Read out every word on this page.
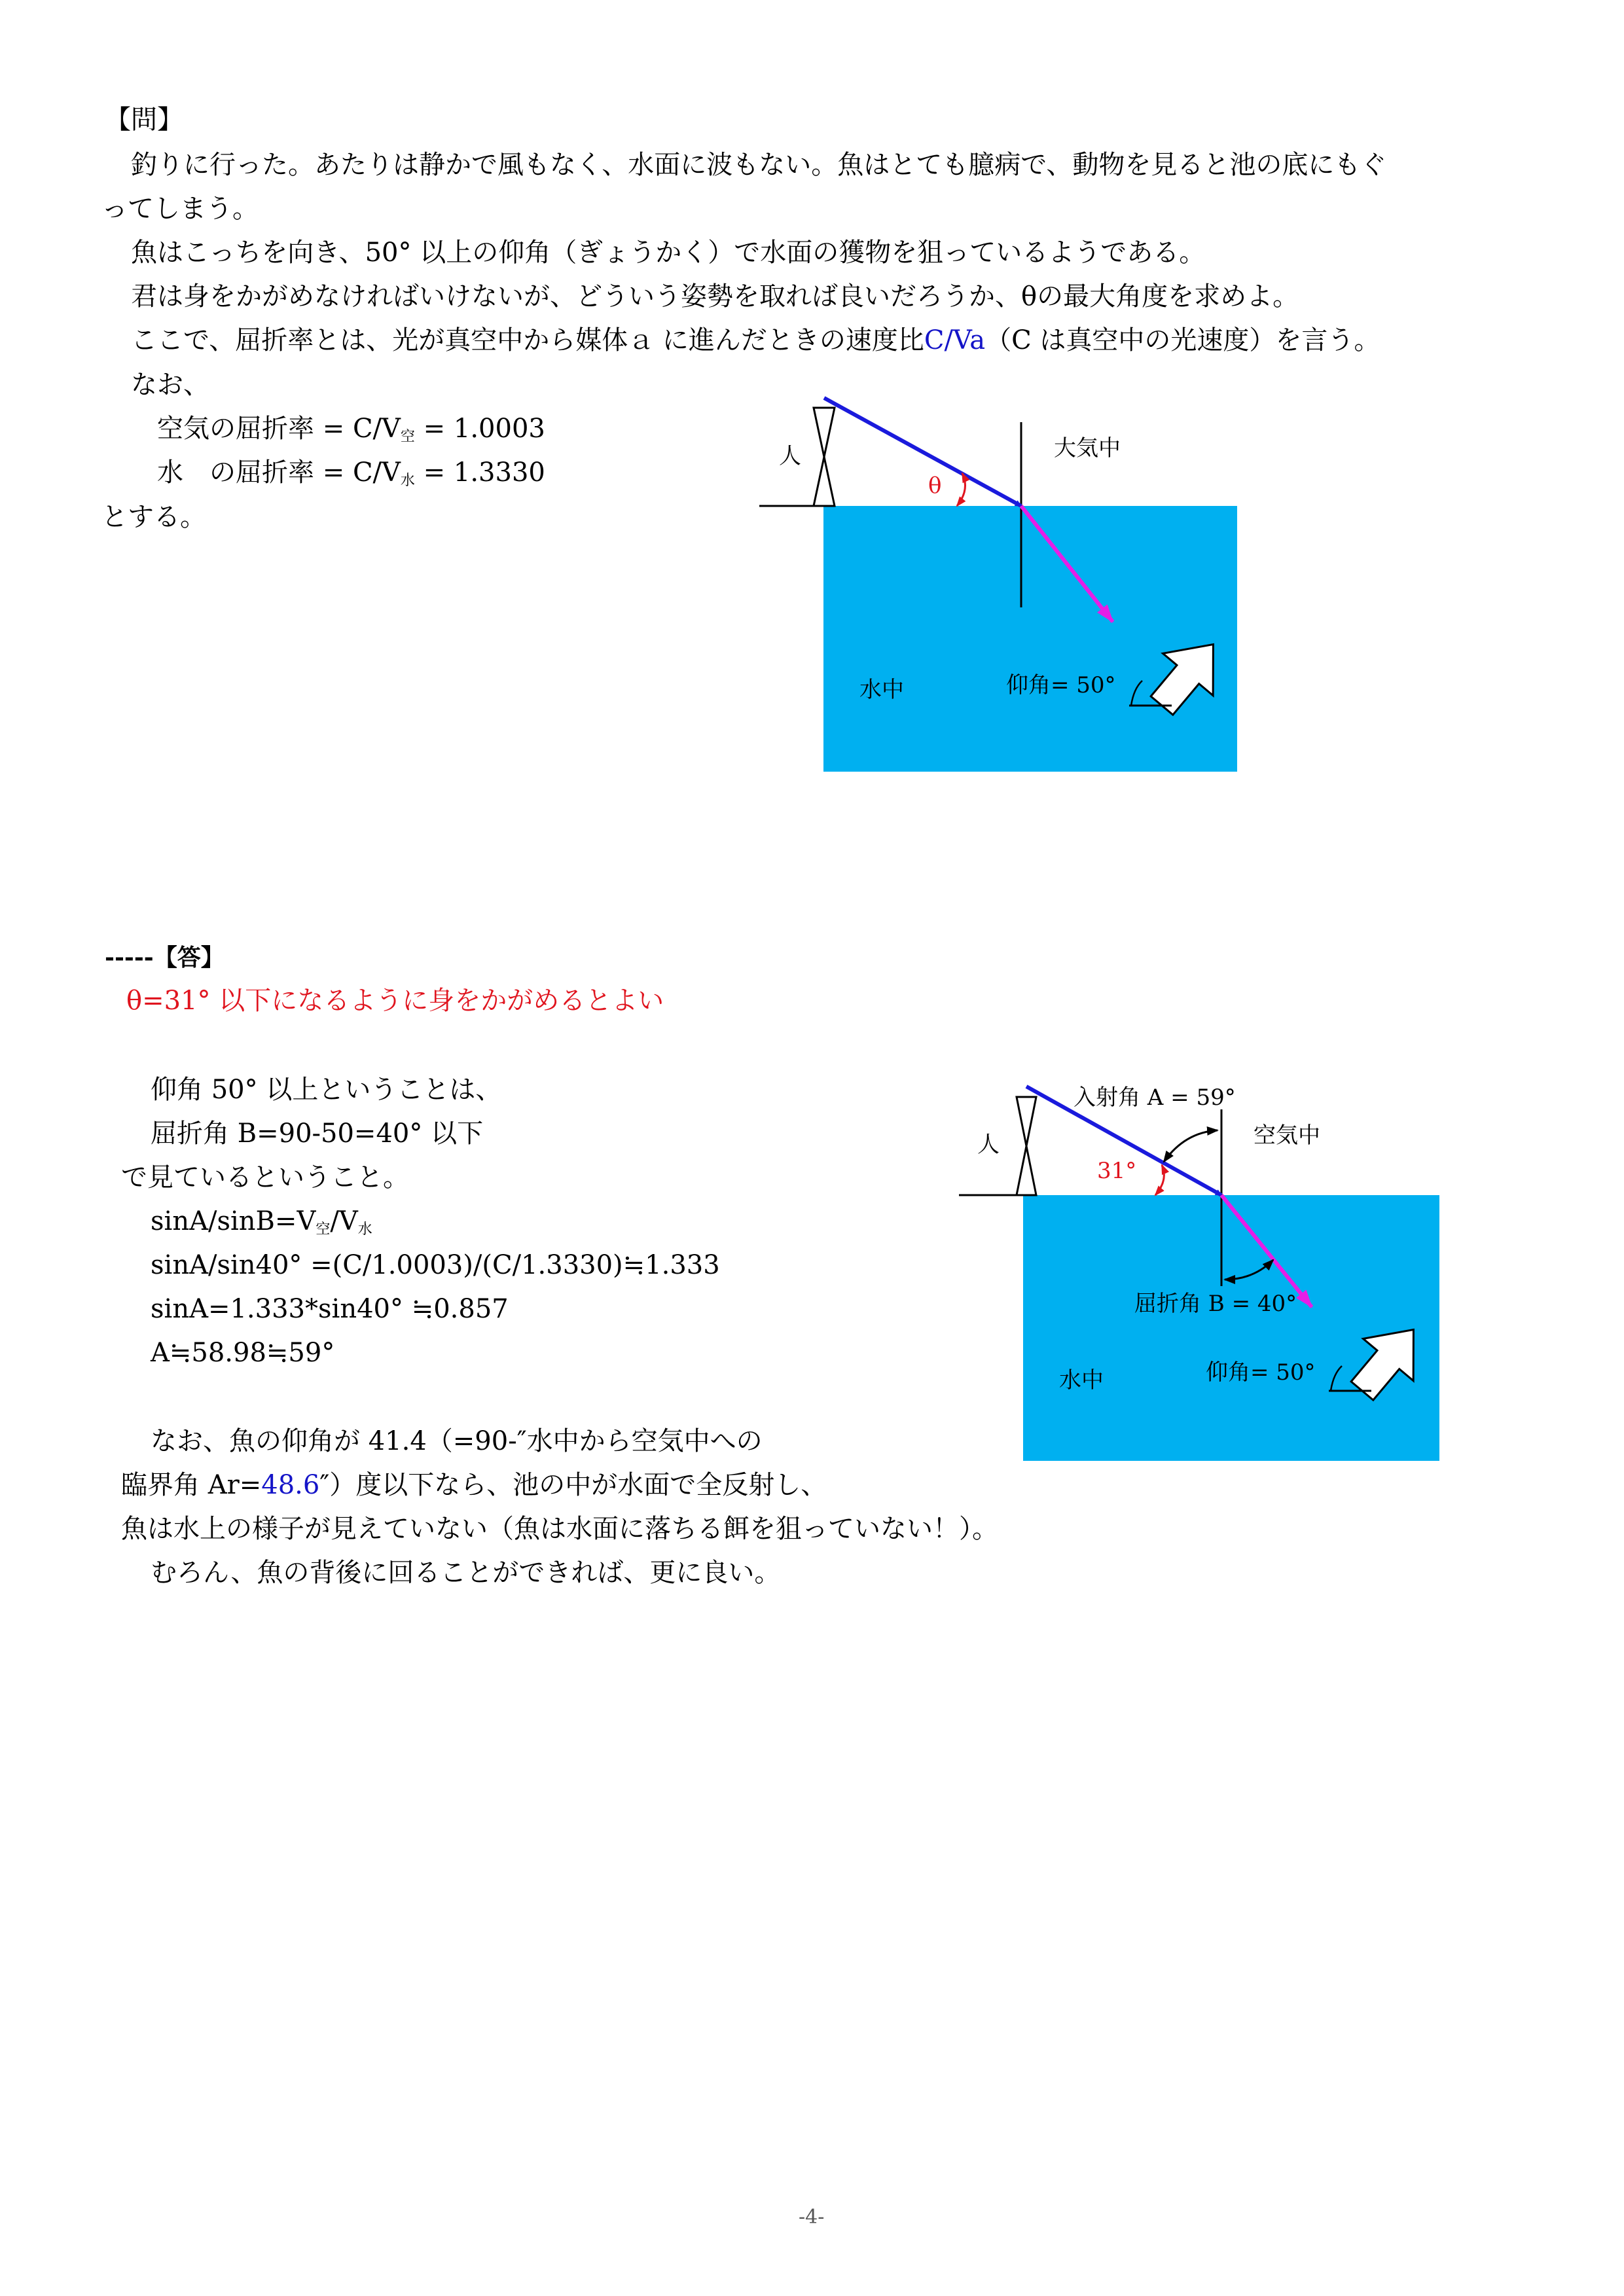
【問】
釣りに行った。あたりは静かで風もなく、水面に波もない。魚はとても臆病で、動物を見ると池の底にもぐ
ってしまう。
魚はこっちを向き、50° 以上の仰角（ぎょうかく）で水面の獲物を狙っているようである。
君は身をかがめなければいけないが、どういう姿勢を取れば良いだろうか、θの最大角度を求めよ。
ここで、屈折率とは、光が真空中から媒体ａ に進んだときの速度比C/Va（C は真空中の光速度）を言う。
なお、
空気の屈折率 = $C/V_空 = 1.0003$
水　の屈折率 = $C/V_水 = 1.3330$
とする。
人	大気中
θ
水中	仰角= 50°
-----【答】
θ=31° 以下になるように身をかがめるとよい
仰角 50° 以上ということは、
屈折角 B=90-50=40° 以下
で見ているということ。
sinA/$\sin B=V_空/V_水$
sinA/sin40° =(C/1.0003)/(C/1.3330)≒1.333
sinA=1.333*sin40° ≒0.857
A≒58.98≒59°
なお、魚の仰角が 41.4（=90-″水中から空気中への
臨界角 Ar=48.6″）度以下なら、池の中が水面で全反射し、
魚は水上の様子が見えていない（魚は水面に落ちる餌を狙っていない！）。
むろん、魚の背後に回ることができれば、更に良い。
人
入射角 A = 59°
空気中
31°
屈折角 B = 40°
水中	仰角= 50°
-4-
